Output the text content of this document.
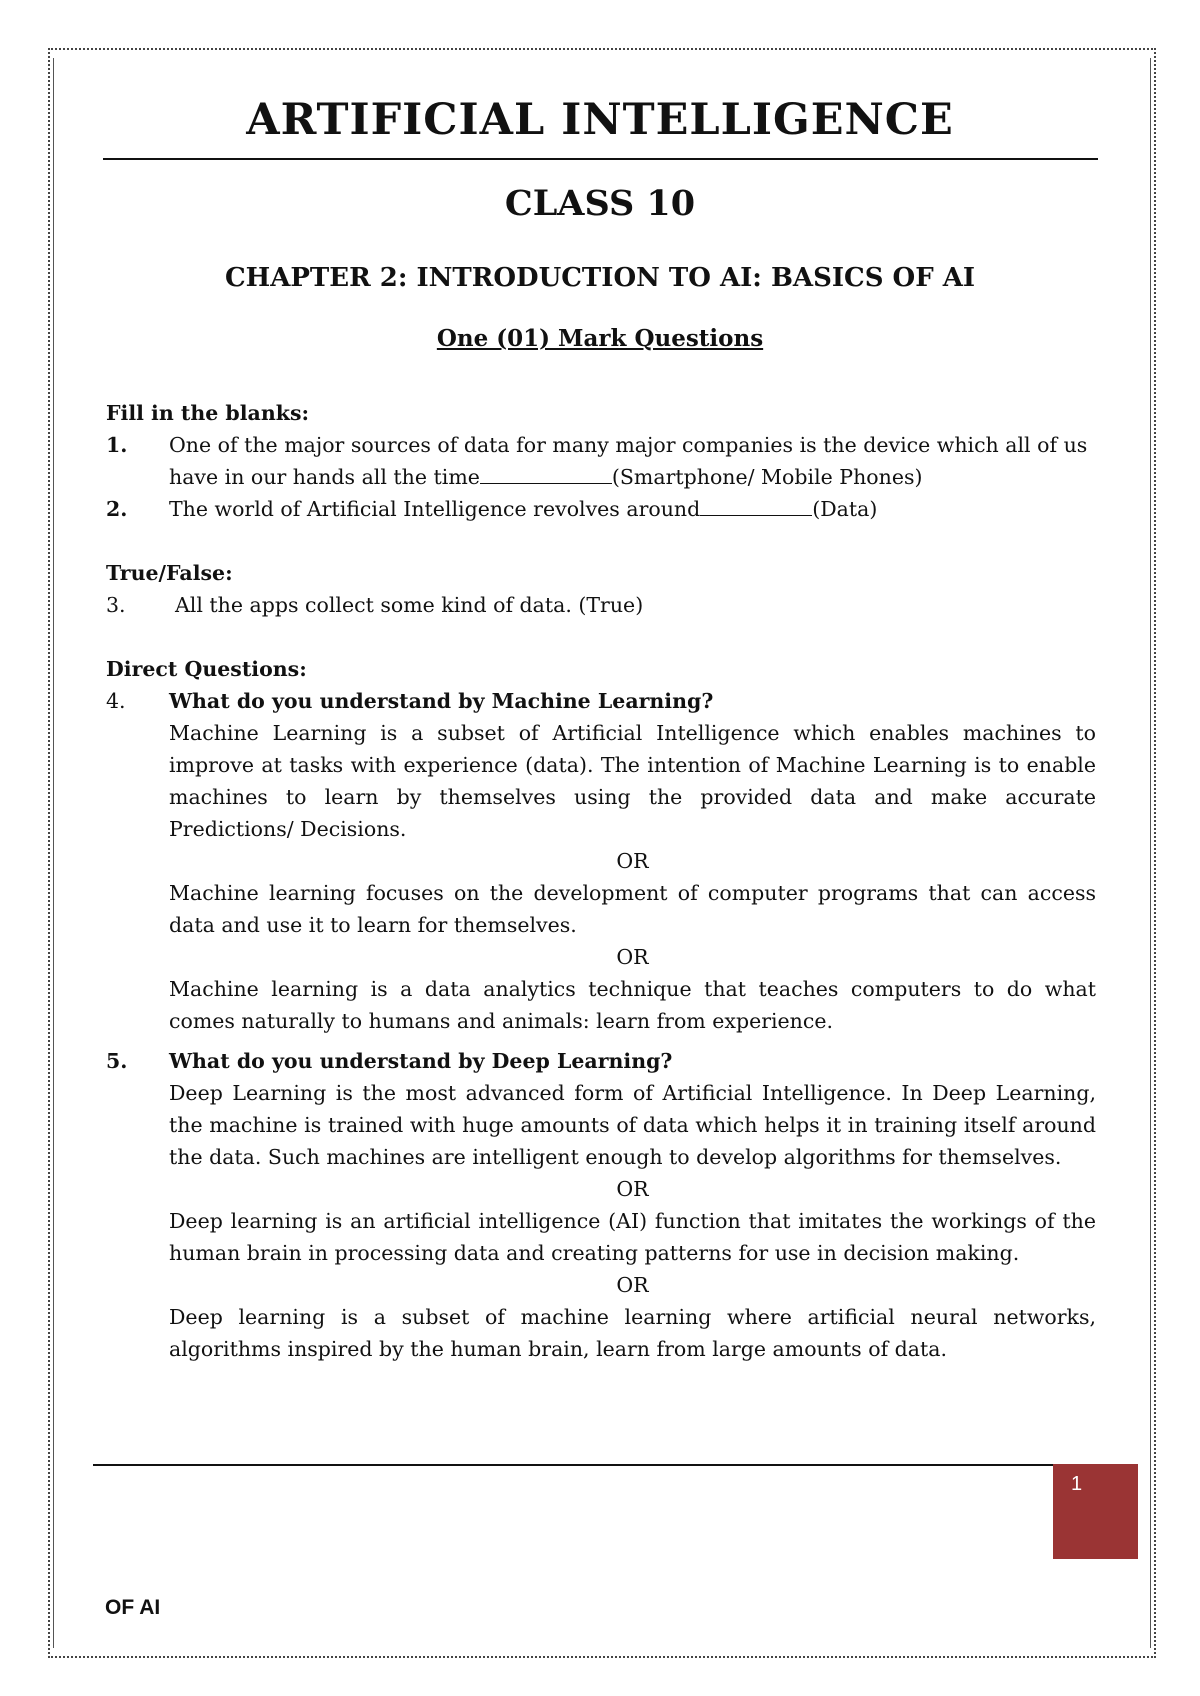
ARTIFICIAL INTELLIGENCE
CLASS 10
CHAPTER 2: INTRODUCTION TO AI: BASICS OF AI
One (01) Mark Questions
Fill in the blanks:
1.	One of the major sources of data for many major companies is the device which all of us
have in our hands all the time	(Smartphone/ Mobile Phones)
2.	The world of Artificial Intelligence revolves around	(Data)
True/False:
3.	All the apps collect some kind of data. (True)
Direct Questions:
4.	What do you understand by Machine Learning?
Machine Learning is a subset of Artificial Intelligence which enables machines to improve at tasks with experience (data). The intention of Machine Learning is to enable machines to learn by themselves using the provided data and make accurate Predictions/ Decisions.
OR
Machine learning focuses on the development of computer programs that can access data and use it to learn for themselves.
OR
Machine learning is a data analytics technique that teaches computers to do what comes naturally to humans and animals: learn from experience.
5.	What do you understand by Deep Learning?
Deep Learning is the most advanced form of Artificial Intelligence. In Deep Learning, the machine is trained with huge amounts of data which helps it in training itself around the data. Such machines are intelligent enough to develop algorithms for themselves.
OR
Deep learning is an artificial intelligence (AI) function that imitates the workings of the human brain in processing data and creating patterns for use in decision making.
OR
Deep learning is a subset of machine learning where artificial neural networks, algorithms inspired by the human brain, learn from large amounts of data.
1
OF AI
